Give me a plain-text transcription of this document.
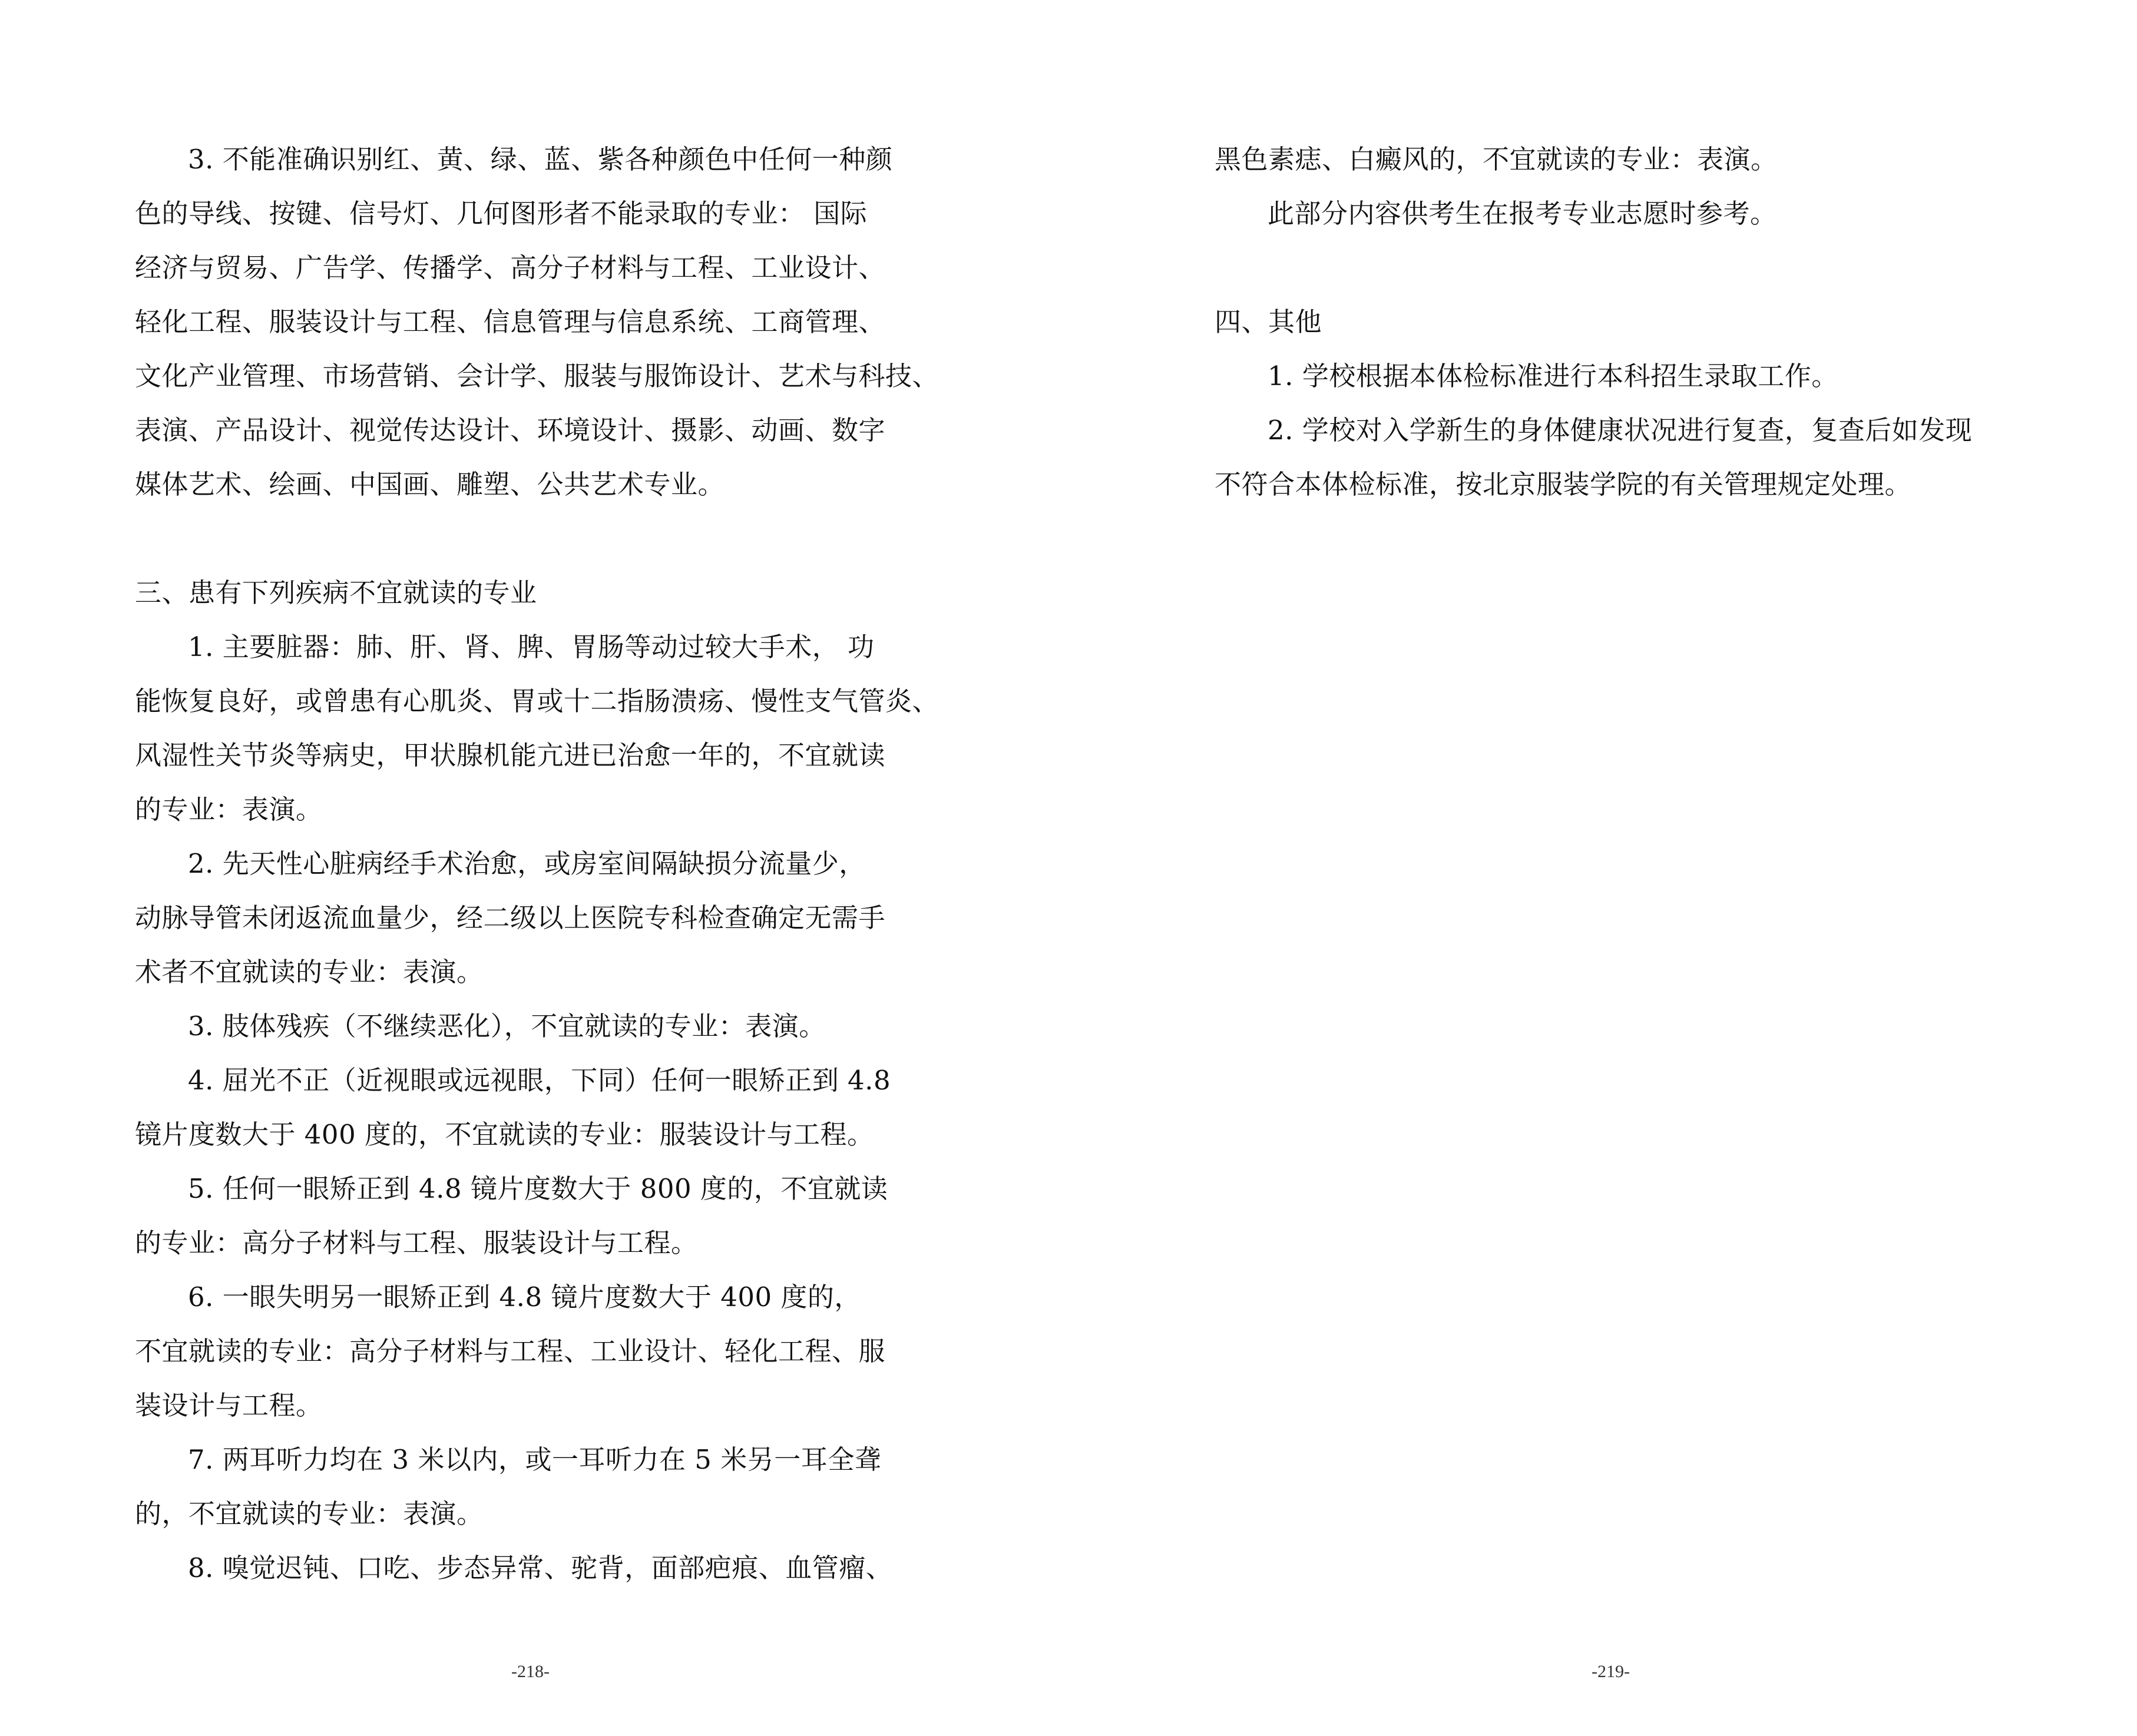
3. 不能准确识别红、黄、绿、蓝、紫各种颜色中任何一种颜
色的导线、按键、信号灯、几何图形者不能录取的专业： 国际
经济与贸易、广告学、传播学、高分子材料与工程、工业设计、
轻化工程、服装设计与工程、信息管理与信息系统、工商管理、
文化产业管理、市场营销、会计学、服装与服饰设计、艺术与科技、
表演、产品设计、视觉传达设计、环境设计、摄影、动画、数字
媒体艺术、绘画、中国画、雕塑、公共艺术专业。
三、患有下列疾病不宜就读的专业
1. 主要脏器：肺、肝、肾、脾、胃肠等动过较大手术， 功
能恢复良好，或曾患有心肌炎、胃或十二指肠溃疡、慢性支气管炎、
风湿性关节炎等病史，甲状腺机能亢进已治愈一年的，不宜就读
的专业：表演。
2. 先天性心脏病经手术治愈，或房室间隔缺损分流量少，
动脉导管未闭返流血量少，经二级以上医院专科检查确定无需手
术者不宜就读的专业：表演。
3. 肢体残疾（不继续恶化），不宜就读的专业：表演。
4. 屈光不正（近视眼或远视眼，下同）任何一眼矫正到 4.8
镜片度数大于 400 度的，不宜就读的专业：服装设计与工程。
5. 任何一眼矫正到 4.8 镜片度数大于 800 度的，不宜就读
的专业：高分子材料与工程、服装设计与工程。
6. 一眼失明另一眼矫正到 4.8 镜片度数大于 400 度的，
不宜就读的专业：高分子材料与工程、工业设计、轻化工程、服
装设计与工程。
7. 两耳听力均在 3 米以内，或一耳听力在 5 米另一耳全聋
的，不宜就读的专业：表演。
8. 嗅觉迟钝、口吃、步态异常、驼背，面部疤痕、血管瘤、
黑色素痣、白癜风的，不宜就读的专业：表演。
此部分内容供考生在报考专业志愿时参考。
四、其他
1. 学校根据本体检标准进行本科招生录取工作。
2. 学校对入学新生的身体健康状况进行复查，复查后如发现
不符合本体检标准，按北京服装学院的有关管理规定处理。
-218-	-219-
